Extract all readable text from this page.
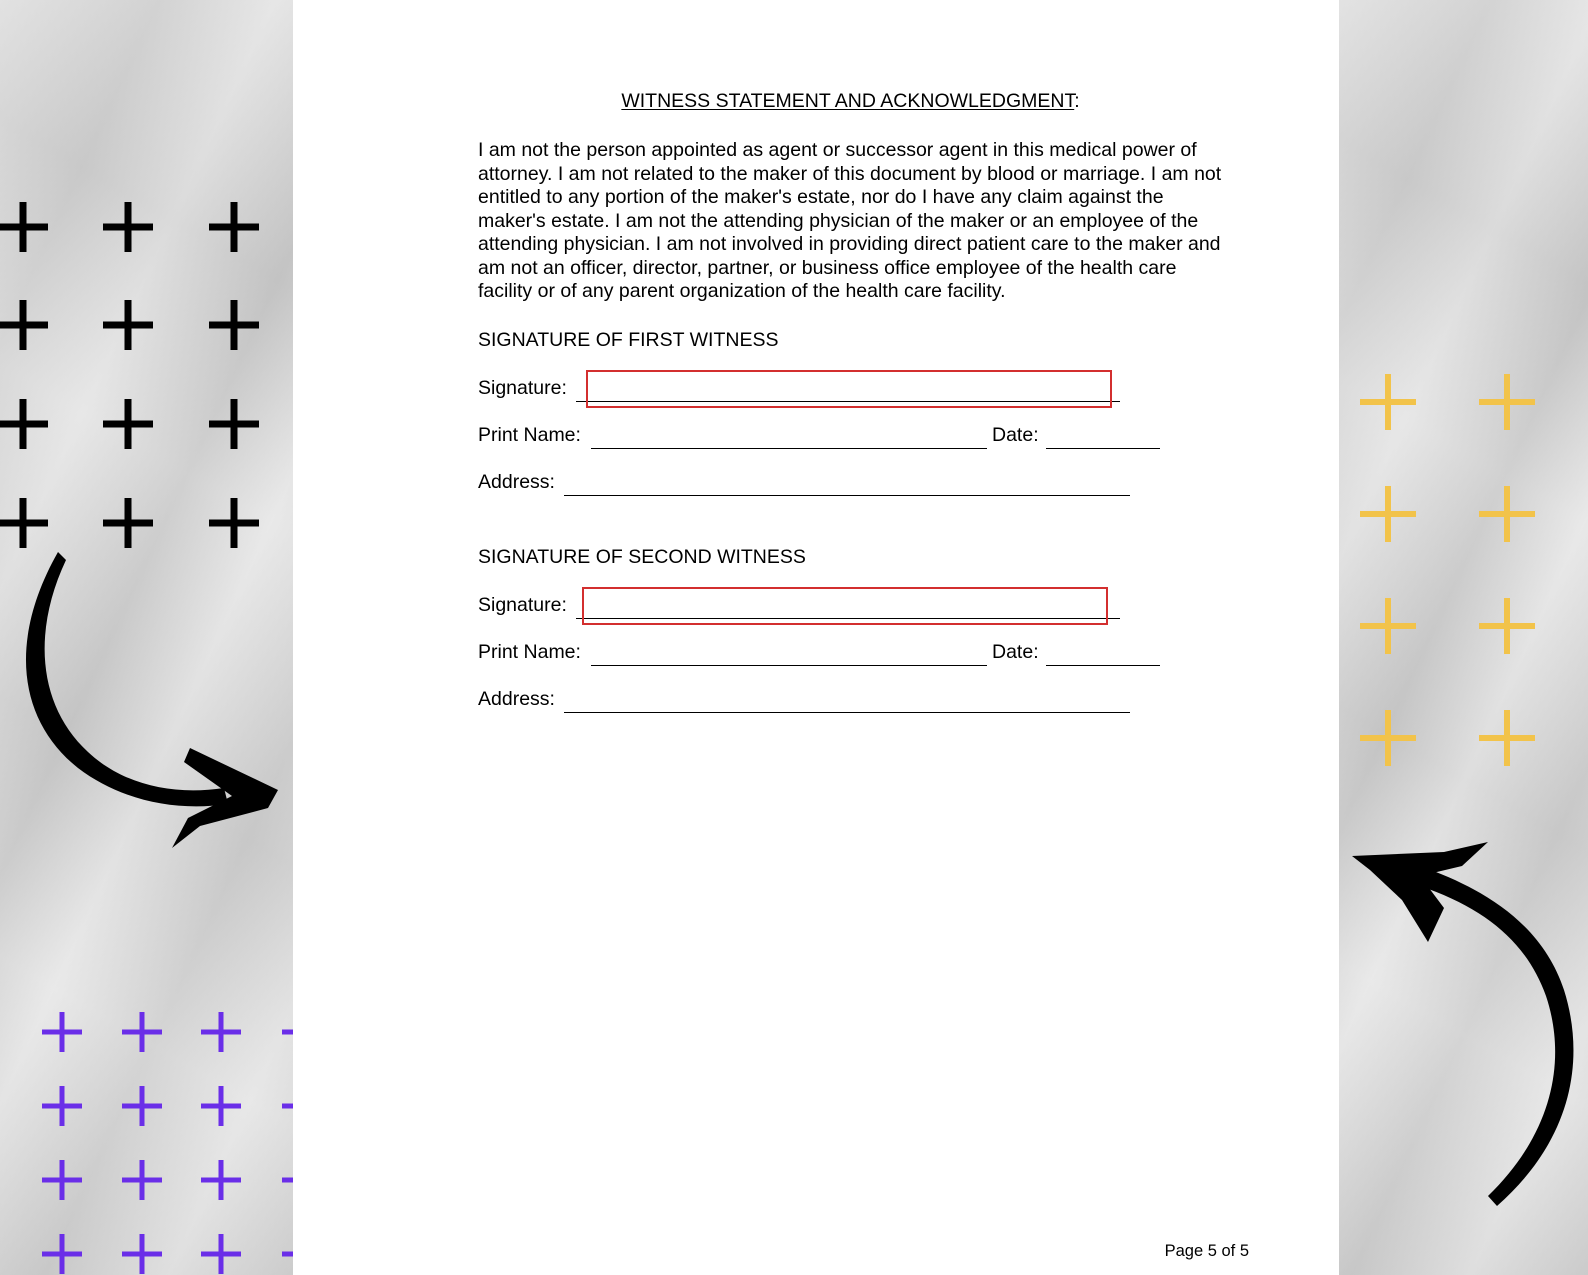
WITNESS STATEMENT AND ACKNOWLEDGMENT:

I am not the person appointed as agent or successor agent in this medical power of attorney. I am not related to the maker of this document by blood or marriage. I am not entitled to any portion of the maker's estate, nor do I have any claim against the maker's estate. I am not the attending physician of the maker or an employee of the attending physician. I am not involved in providing direct patient care to the maker and am not an officer, director, partner, or business office employee of the health care facility or of any parent organization of the health care facility.

SIGNATURE OF FIRST WITNESS
Signature:
Print Name:	Date:
Address:
SIGNATURE OF SECOND WITNESS
Signature:
Print Name:	Date:
Address:
Page 5 of 5
